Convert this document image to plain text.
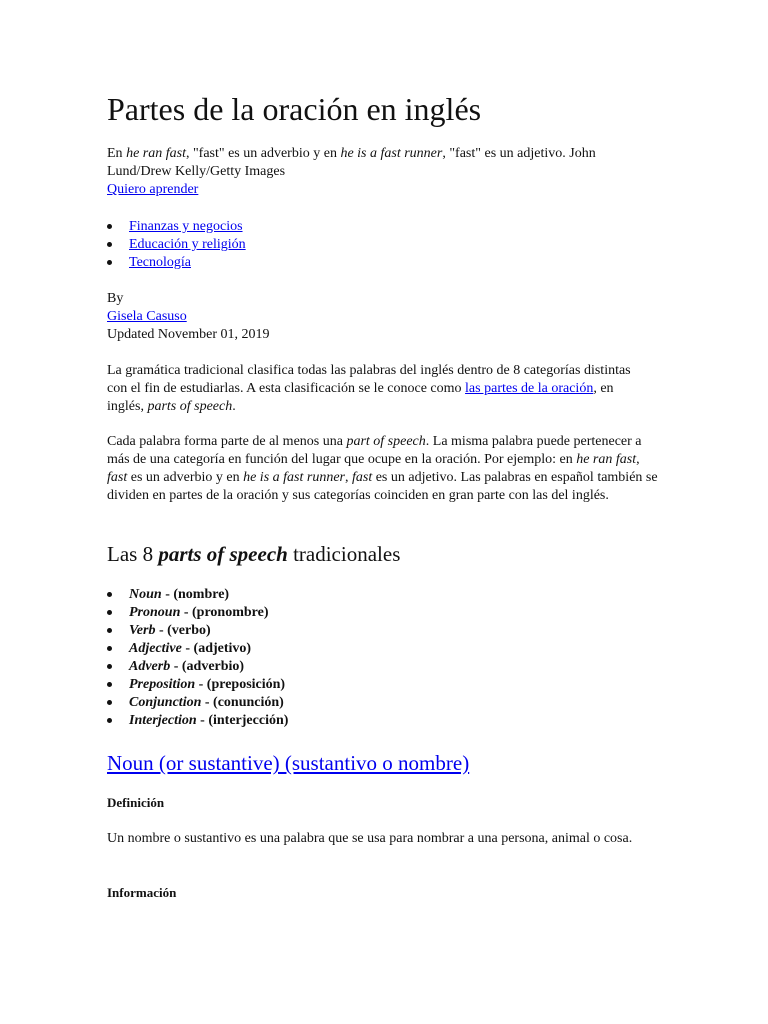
Partes de la oración en inglés

En he ran fast, "fast" es un adverbio y en he is a fast runner, "fast" es un adjetivo. John Lund/Drew Kelly/Getty Images

Quiero aprender

Finanzas y negocios

Educación y religión

Tecnología

By

Gisela Casuso

Updated November 01, 2019

La gramática tradicional clasifica todas las palabras del inglés dentro de 8 categorías distintas con el fin de estudiarlas. A esta clasificación se le conoce como las partes de la oración, en inglés, parts of speech.

Cada palabra forma parte de al menos una part of speech. La misma palabra puede pertenecer a más de una categoría en función del lugar que ocupe en la oración. Por ejemplo: en he ran fast, fast es un adverbio y en he is a fast runner, fast es un adjetivo. Las palabras en español también se dividen en partes de la oración y sus categorías coinciden en gran parte con las del inglés.

Las 8 parts of speech tradicionales

Noun - (nombre)

Pronoun - (pronombre)

Verb - (verbo)

Adjective - (adjetivo)

Adverb - (adverbio)

Preposition - (preposición)

Conjunction - (conunción)

Interjection - (interjección)

Noun (or sustantive) (sustantivo o nombre)

Definición

Un nombre o sustantivo es una palabra que se usa para nombrar a una persona, animal o cosa.

Información
